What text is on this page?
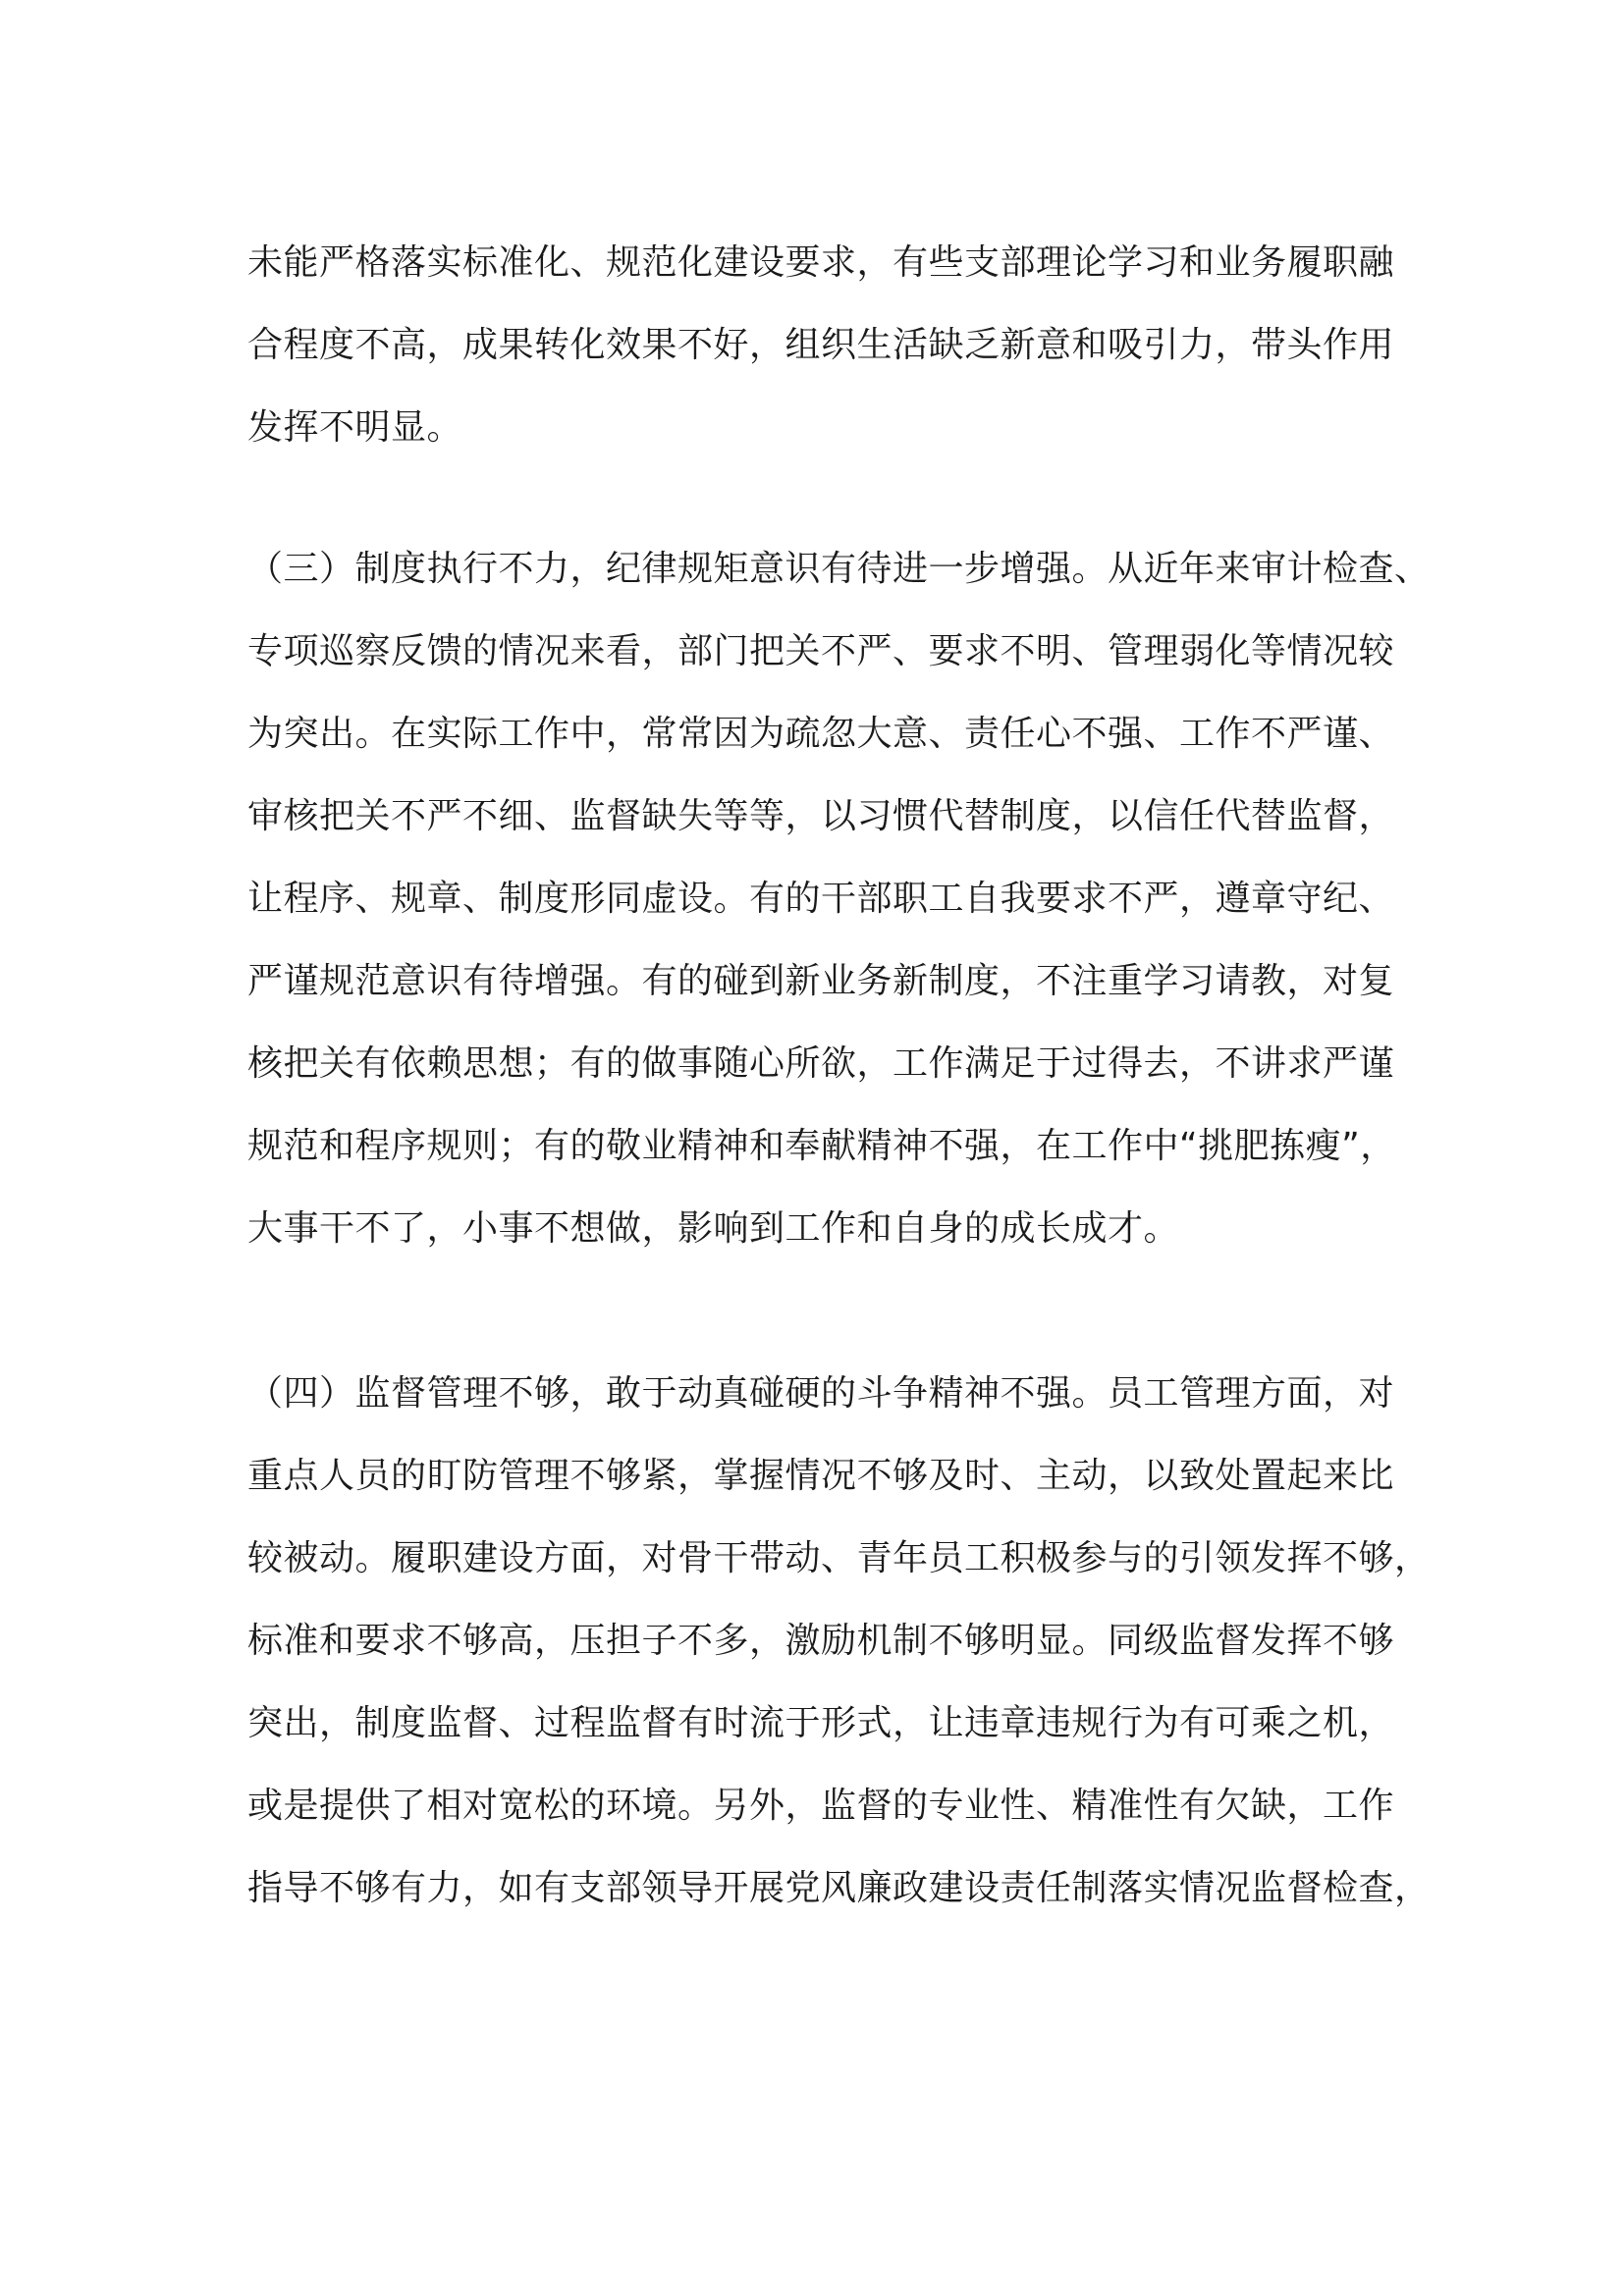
未能严格落实标准化、规范化建设要求，有些支部理论学习和业务履职融
合程度不高，成果转化效果不好，组织生活缺乏新意和吸引力，带头作用
发挥不明显。
（三）制度执行不力，纪律规矩意识有待进一步增强。从近年来审计检查、
专项巡察反馈的情况来看，部门把关不严、要求不明、管理弱化等情况较
为突出。在实际工作中，常常因为疏忽大意、责任心不强、工作不严谨、
审核把关不严不细、监督缺失等等，以习惯代替制度，以信任代替监督，
让程序、规章、制度形同虚设。有的干部职工自我要求不严，遵章守纪、
严谨规范意识有待增强。有的碰到新业务新制度，不注重学习请教，对复
核把关有依赖思想；有的做事随心所欲，工作满足于过得去，不讲求严谨
规范和程序规则；有的敬业精神和奉献精神不强，在工作中“挑肥拣瘦”，
大事干不了，小事不想做，影响到工作和自身的成长成才。
（四）监督管理不够，敢于动真碰硬的斗争精神不强。员工管理方面，对
重点人员的盯防管理不够紧，掌握情况不够及时、主动，以致处置起来比
较被动。履职建设方面，对骨干带动、青年员工积极参与的引领发挥不够，
标准和要求不够高，压担子不多，激励机制不够明显。同级监督发挥不够
突出，制度监督、过程监督有时流于形式，让违章违规行为有可乘之机，
或是提供了相对宽松的环境。另外，监督的专业性、精准性有欠缺，工作
指导不够有力，如有支部领导开展党风廉政建设责任制落实情况监督检查，
